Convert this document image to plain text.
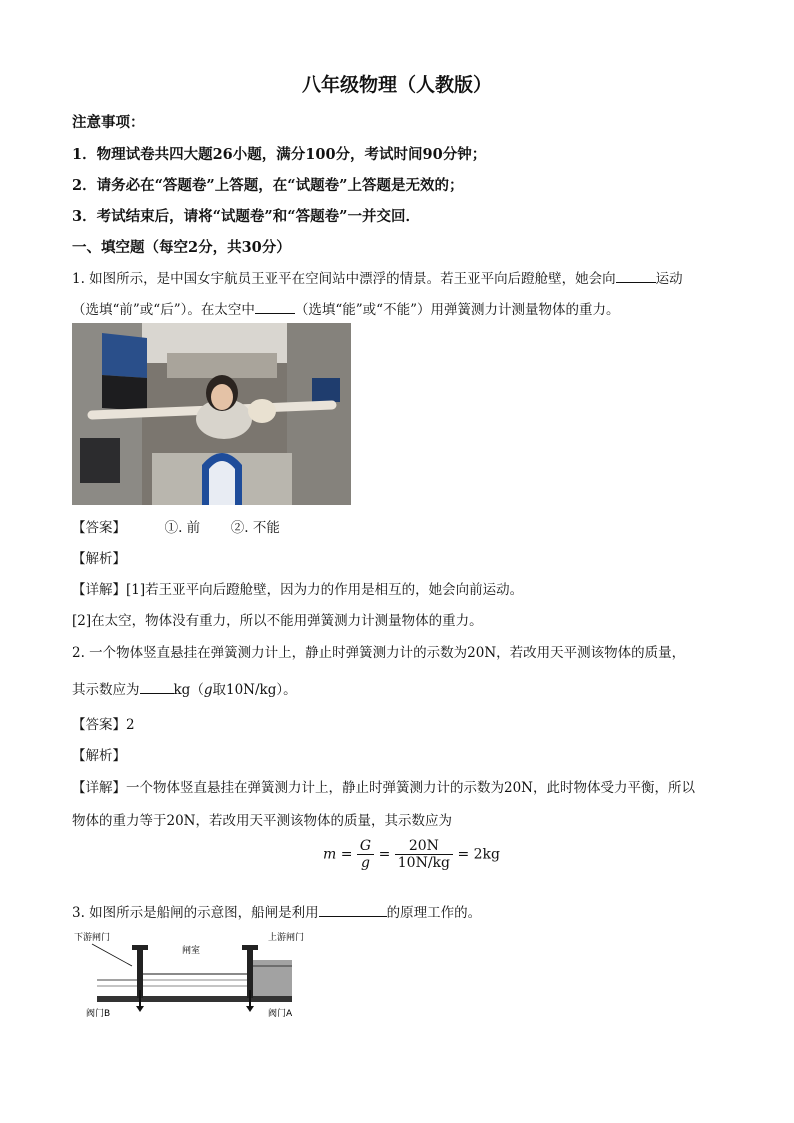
八年级物理（人教版）
注意事项：
1．物理试卷共四大题26小题，满分100分，考试时间90分钟；
2．请务必在“答题卷”上答题，在“试题卷”上答题是无效的；
3．考试结束后，请将“试题卷”和“答题卷”一并交回．
一、填空题（每空2分，共30分）
1. 如图所示，是中国女宇航员王亚平在空间站中漂浮的情景。若王亚平向后蹬舱壁，她会向	运动
（选填“前”或“后”）。在太空中	（选填“能”或“不能”）用弹簧测力计测量物体的重力。
【答案】	①. 前 ②. 不能
【解析】
【详解】[1]若王亚平向后蹬舱壁，因为力的作用是相互的，她会向前运动。
[2]在太空，物体没有重力，所以不能用弹簧测力计测量物体的重力。
2. 一个物体竖直悬挂在弹簧测力计上，静止时弹簧测力计的示数为20N，若改用天平测该物体的质量，
其示数应为	kg（g取10N/kg）。
【答案】2
【解析】
【详解】一个物体竖直悬挂在弹簧测力计上，静止时弹簧测力计的示数为20N，此时物体受力平衡，所以
物体的重力等于20N，若改用天平测该物体的质量，其示数应为
$m = \frac{G}{g} = \frac{20N}{10N/kg} = 2kg$
3. 如图所示是船闸的示意图，船闸是利用	的原理工作的。
下游闸门
闸室
上游闸门
阀门B	阀门A
